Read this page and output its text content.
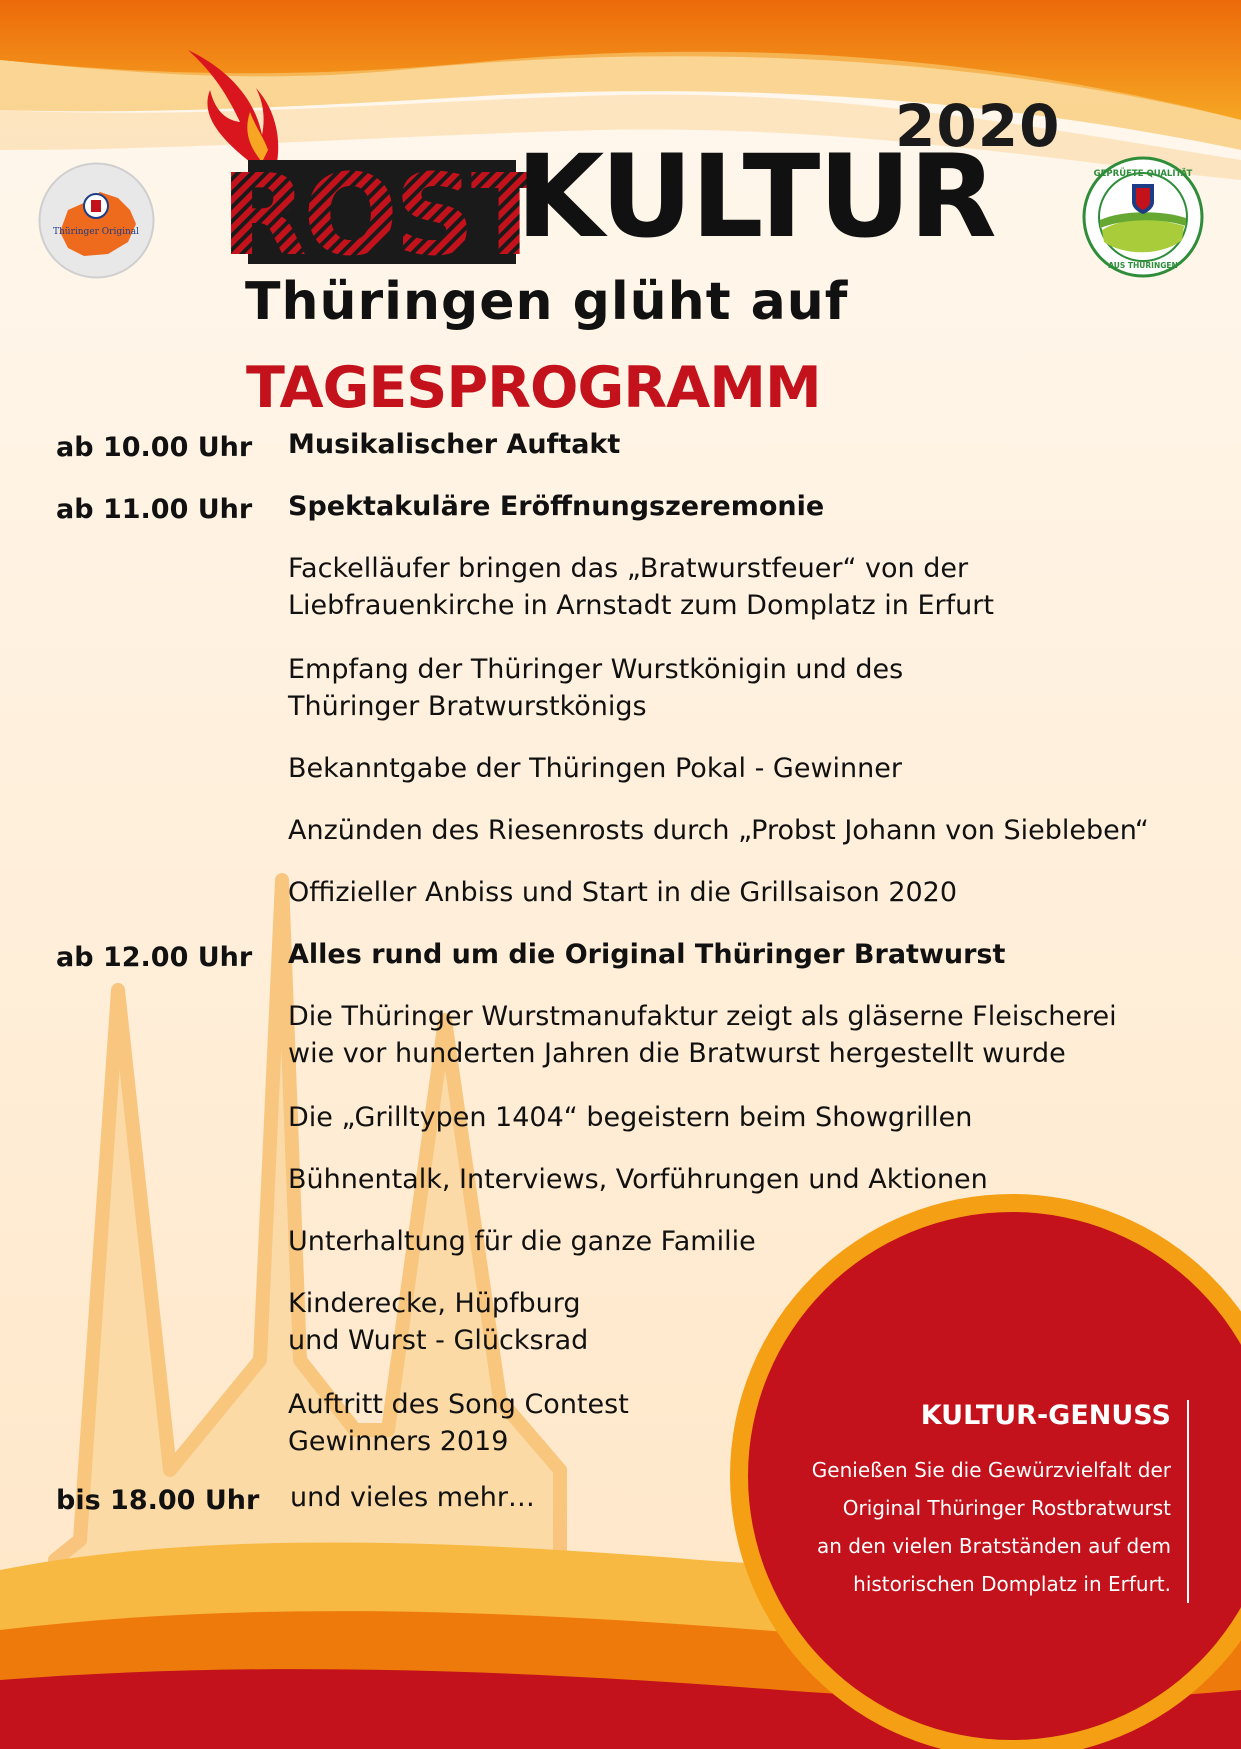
Thüringer Original
GEPRÜFTE QUALITÄT
AUS THÜRINGEN
2020
ROST
KULTUR
Thüringen glüht auf
TAGESPROGRAMM
ab 10.00 Uhr Musikalischer Auftakt
ab 11.00 Uhr Spektakuläre Eröffnungszeremonie
Fackelläufer bringen das „Bratwurstfeuer“ von der
Liebfrauenkirche in Arnstadt zum Domplatz in Erfurt
Empfang der Thüringer Wurstkönigin und des
Thüringer Bratwurstkönigs
Bekanntgabe der Thüringen Pokal - Gewinner
Anzünden des Riesenrosts durch „Probst Johann von Siebleben“
Offizieller Anbiss und Start in die Grillsaison 2020
ab 12.00 Uhr Alles rund um die Original Thüringer Bratwurst
Die Thüringer Wurstmanufaktur zeigt als gläserne Fleischerei
wie vor hunderten Jahren die Bratwurst hergestellt wurde
Die „Grilltypen 1404“ begeistern beim Showgrillen
Bühnentalk, Interviews, Vorführungen und Aktionen
Unterhaltung für die ganze Familie
Kinderecke, Hüpfburg
und Wurst - Glücksrad
Auftritt des Song Contest
Gewinners 2019
bis 18.00 Uhr und vieles mehr…
KULTUR-GENUSS
Genießen Sie die Gewürzvielfalt der
Original Thüringer Rostbratwurst
an den vielen Bratständen auf dem
historischen Domplatz in Erfurt.
